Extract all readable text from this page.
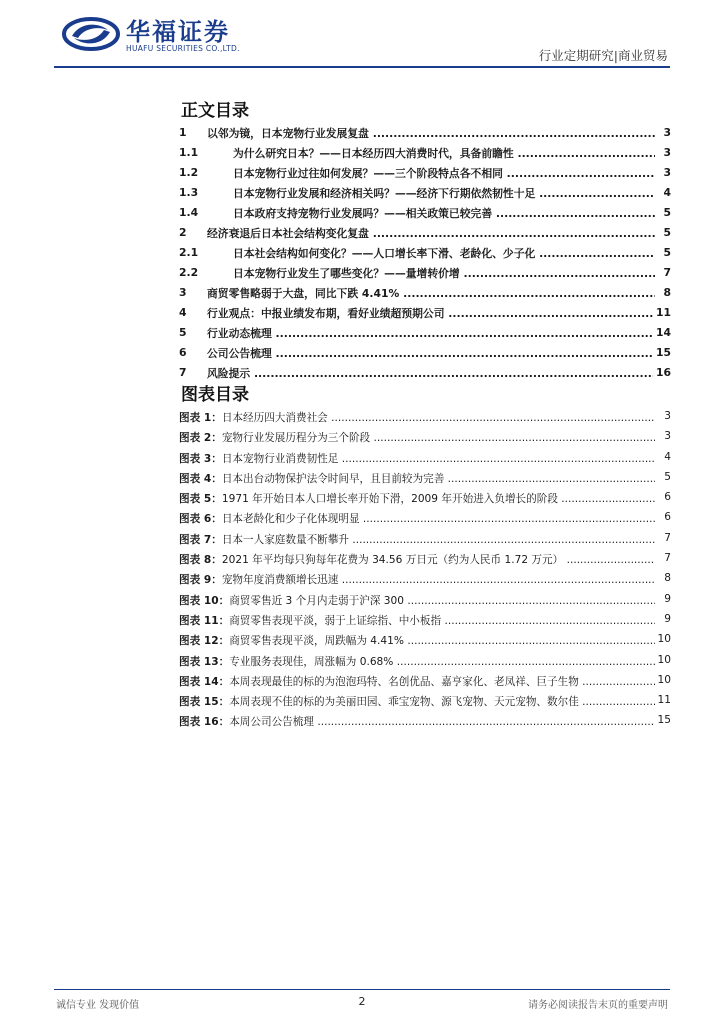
华福证券
HUAFU SECURITIES CO.,LTD.	行业定期研究|商业贸易
正文目录
1 以邻为镜，日本宠物行业发展复盘 .....	3
1.1	为什么研究日本？——日本经历四大消费时代，具备前瞻性 .....	3
1.2	日本宠物行业过往如何发展？——三个阶段特点各不相同 .....	3
1.3	日本宠物行业发展和经济相关吗？——经济下行期依然韧性十足 .....	4
1.4	日本政府支持宠物行业发展吗？——相关政策已较完善 .....	5
2 经济衰退后日本社会结构变化复盘 .....	5
2.1	日本社会结构如何变化？——人口增长率下滑、老龄化、少子化 .....	5
2.2	日本宠物行业发生了哪些变化？——量增转价增 .....	7
3 商贸零售略弱于大盘，同比下跌 4.41% .....	8
4 行业观点：中报业绩发布期，看好业绩超预期公司 .....	11
5 行业动态梳理 .....	14
6 公司公告梳理 .....	15
7 风险提示 .....	16
图表目录
图表 1：日本经历四大消费社会 .....	3
图表 2：宠物行业发展历程分为三个阶段 .....	3
图表 3：日本宠物行业消费韧性足 .....	4
图表 4：日本出台动物保护法令时间早，且目前较为完善 .....	5
图表 5：1971 年开始日本人口增长率开始下滑，2009 年开始进入负增长的阶段 .....	6
图表 6：日本老龄化和少子化体现明显 .....	6
图表 7：日本一人家庭数量不断攀升 .....	7
图表 8：2021 年平均每只狗每年花费为 34.56 万日元（约为人民币 1.72 万元） .....	7
图表 9：宠物年度消费额增长迅速 .....	8
图表 10：商贸零售近 3 个月内走弱于沪深 300 .....	9
图表 11：商贸零售表现平淡，弱于上证综指、中小板指 .....	9
图表 12：商贸零售表现平淡，周跌幅为 4.41% .....	10
图表 13：专业服务表现佳，周涨幅为 0.68% .....	10
图表 14：本周表现最佳的标的为泡泡玛特、名创优品、嘉亨家化、老凤祥、巨子生物 .....	10
图表 15：本周表现不佳的标的为美丽田园、乖宝宠物、源飞宠物、天元宠物、数尔佳 .....	11
图表 16：本周公司公告梳理 .....	15
诚信专业 发现价值	2	请务必阅读报告末页的重要声明
